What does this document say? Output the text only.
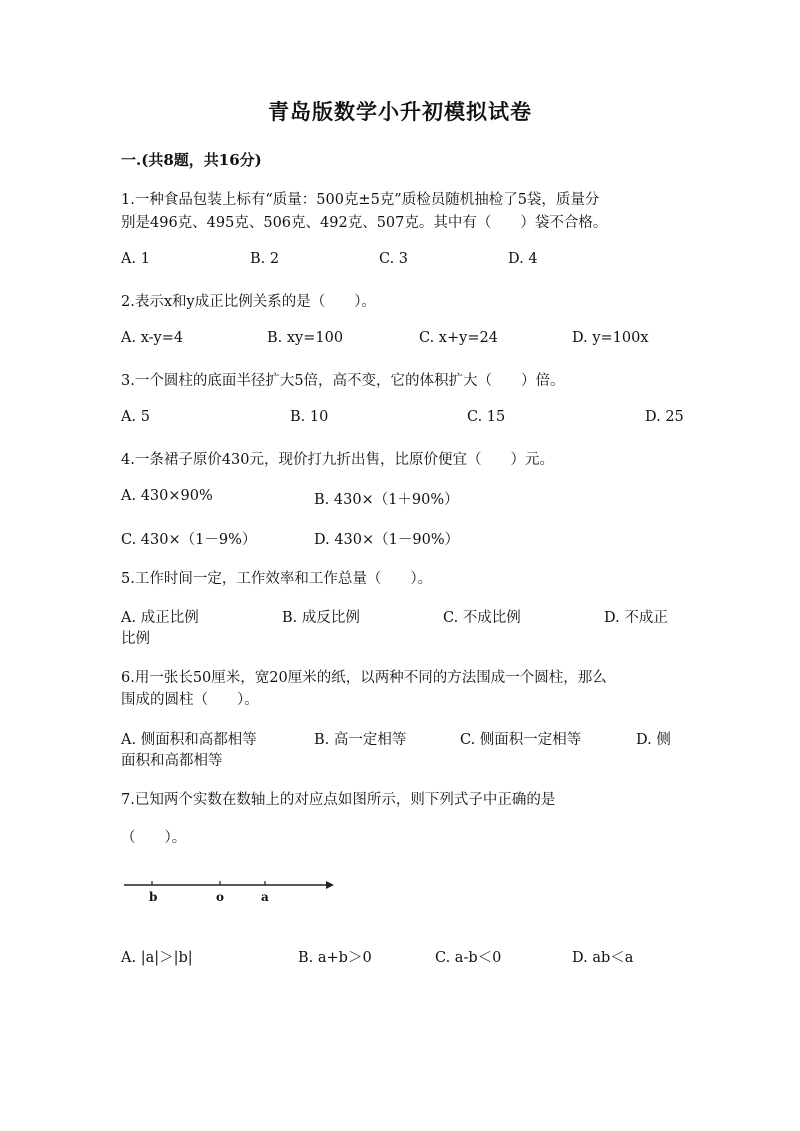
青岛版数学小升初模拟试卷
一.(共8题，共16分)
1.一种食品包装上标有“质量：500克±5克”质检员随机抽检了5袋，质量分
别是496克、495克、506克、492克、507克。其中有（　　）袋不合格。
A. 1	B. 2	C. 3	D. 4
2.表示x和y成正比例关系的是（　　）。
A. x-y=4	B. xy=100	C. x+y=24	D. y=100x
3.一个圆柱的底面半径扩大5倍，高不变，它的体积扩大（　　）倍。
A. 5	B. 10	C. 15	D. 25
4.一条裙子原价430元，现价打九折出售，比原价便宜（　　）元。
A. 430×90%	B. 430×（1＋90%）
C. 430×（1－9%）	D. 430×（1－90%）
5.工作时间一定，工作效率和工作总量（　　）。
A. 成正比例	B. 成反比例	C. 不成比例	D. 不成正
比例
6.用一张长50厘米，宽20厘米的纸，以两种不同的方法围成一个圆柱，那么
围成的圆柱（　　）。
A. 侧面积和高都相等	B. 高一定相等	C. 侧面积一定相等	D. 侧
面积和高都相等
7.已知两个实数在数轴上的对应点如图所示，则下列式子中正确的是
（　　）。
b	o	a
A. |a|＞|b|	B. a+b＞0	C. a-b＜0	D. ab＜a
